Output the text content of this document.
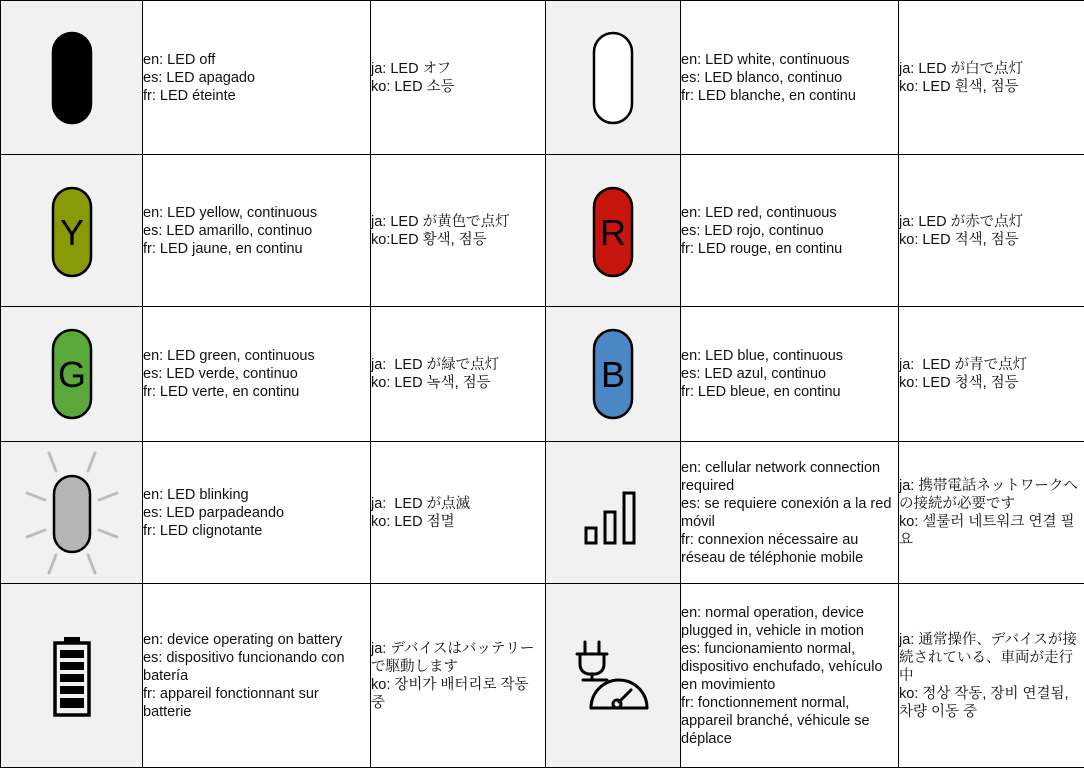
en: LED off
es: LED apagado
fr: LED éteinte	ja: LED オフ
ko: LED 소등		en: LED white, continuous
es: LED blanco, continuo
fr: LED blanche, en continu	ja: LED が白で点灯
ko: LED 흰색, 점등

Y	en: LED yellow, continuous
es: LED amarillo, continuo
fr: LED jaune, en continu	ja: LED が黄色で点灯
ko:LED 황색, 점등	R	en: LED red, continuous
es: LED rojo, continuo
fr: LED rouge, en continu	ja: LED が赤で点灯
ko: LED 적색, 점등

G	en: LED green, continuous
es: LED verde, continuo
fr: LED verte, en continu	ja:  LED が緑で点灯
ko: LED 녹색, 점등	B	en: LED blue, continuous
es: LED azul, continuo
fr: LED bleue, en continu	ja:  LED が青で点灯
ko: LED 청색, 점등

en: LED blinking
es: LED parpadeando
fr: LED clignotante	ja:  LED が点滅
ko: LED 점멸		en: cellular network connection required
es: se requiere conexión a la red móvil
fr: connexion nécessaire au réseau de téléphonie mobile	ja: 携帯電話ネットワークへの接続が必要です
ko: 셀룰러 네트워크 연결 필요

en: device operating on battery
es: dispositivo funcionando con batería
fr: appareil fonctionnant sur batterie	ja: デバイスはバッテリーで駆動します
ko: 장비가 배터리로 작동 중		en: normal operation, device plugged in, vehicle in motion
es: funcionamiento normal, dispositivo enchufado, vehículo en movimiento
fr: fonctionnement normal, appareil branché, véhicule se déplace	ja: 通常操作、デバイスが接続されている、車両が走行中
ko: 정상 작동, 장비 연결됨, 차량 이동 중
